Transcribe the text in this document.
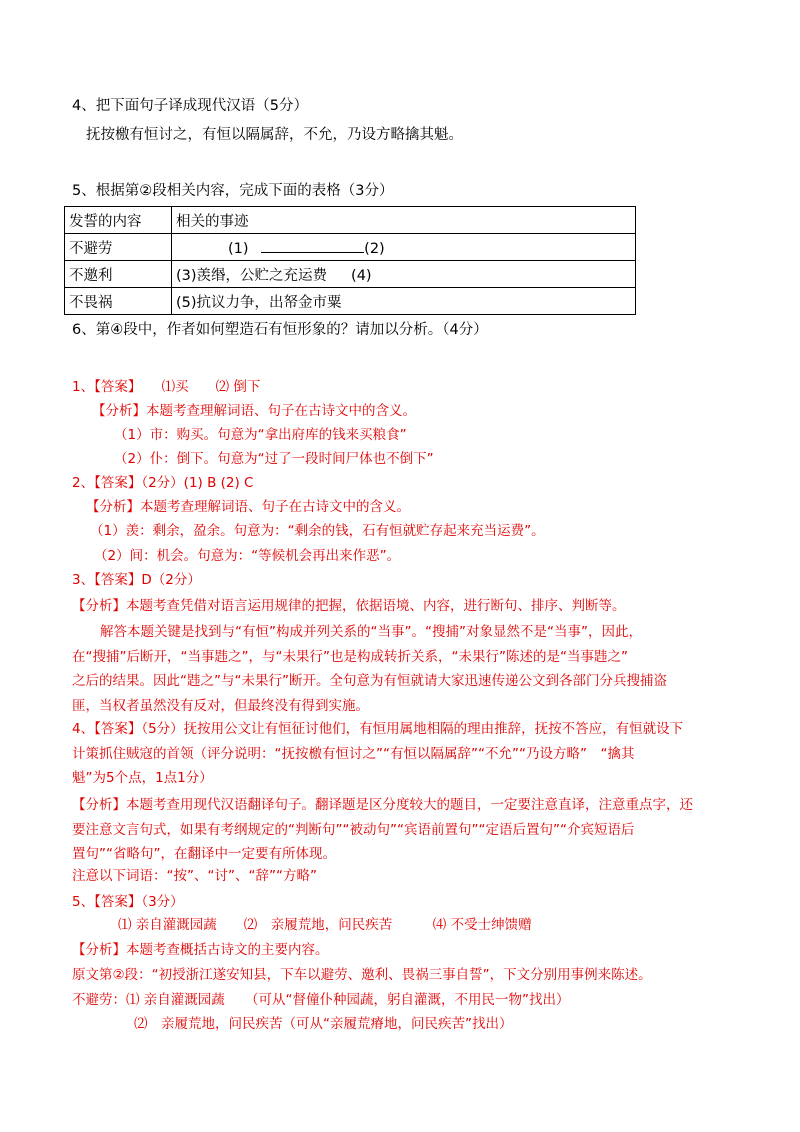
4、把下面句子译成现代汉语（5分）
抚按檄有恒讨之，有恒以隔属辞，不允，乃设方略擒其魁。
5、根据第②段相关内容，完成下面的表格（3分）
发誓的内容	相关的事迹
不避劳	(1) (2)
不邀利	(3)羡缗，公贮之充运费 (4)
不畏祸	(5)抗议力争，出帑金市粟
6、第④段中，作者如何塑造石有恒形象的？请加以分析。（4分）
1、【答案】　　⑴买　　⑵ 倒下
【分析】本题考查理解词语、句子在古诗文中的含义。
（1）市：购买。句意为“拿出府库的钱来买粮食”
（2）仆：倒下。句意为“过了一段时间尸体也不倒下”
2、【答案】（2分）(1) B (2) C
【分析】本题考查理解词语、句子在古诗文中的含义。
（1）羡：剩余，盈余。句意为：“剩余的钱，石有恒就贮存起来充当运费”。
（2）间：机会。句意为：“等候机会再出来作恶”。
3、【答案】D（2分）
【分析】本题考查凭借对语言运用规律的把握，依据语境、内容，进行断句、排序、判断等。
解答本题关键是找到与“有恒”构成并列关系的“当事”。“搜捕”对象显然不是“当事”，因此，
在“搜捕”后断开，“当事韪之”，与“未果行”也是构成转折关系，“未果行”陈述的是“当事韪之”
之后的结果。因此“韪之”与“未果行”断开。全句意为有恒就请大家迅速传递公文到各部门分兵搜捕盗
匪，当权者虽然没有反对，但最终没有得到实施。
4、【答案】（5分）抚按用公文让有恒征讨他们，有恒用属地相隔的理由推辞，抚按不答应，有恒就设下
计策抓住贼寇的首领（评分说明：“抚按檄有恒讨之”“有恒以隔属辞”“不允”“乃设方略”　“擒其
魁”为5个点，1点1分）
【分析】本题考查用现代汉语翻译句子。翻译题是区分度较大的题目，一定要注意直译，注意重点字，还
要注意文言句式，如果有考纲规定的“判断句”“被动句”“宾语前置句”“定语后置句”“介宾短语后
置句”“省略句”，在翻译中一定要有所体现。
注意以下词语：“按”、“讨”、“辞”“方略”
5、【答案】（3分）
⑴ 亲自灌溉园蔬　　⑵　亲履荒地，问民疾苦　　　⑷ 不受士绅馈赠
【分析】本题考查概括古诗文的主要内容。
原文第②段：“初授浙江遂安知县，下车以避劳、邀利、畏祸三事自誓”，下文分别用事例来陈述。
不避劳：⑴ 亲自灌溉园蔬　　（可从“督僮仆种园蔬，躬自灌溉，不用民一物”找出）
⑵　亲履荒地，问民疾苦（可从“亲履荒瘠地，问民疾苦”找出）
